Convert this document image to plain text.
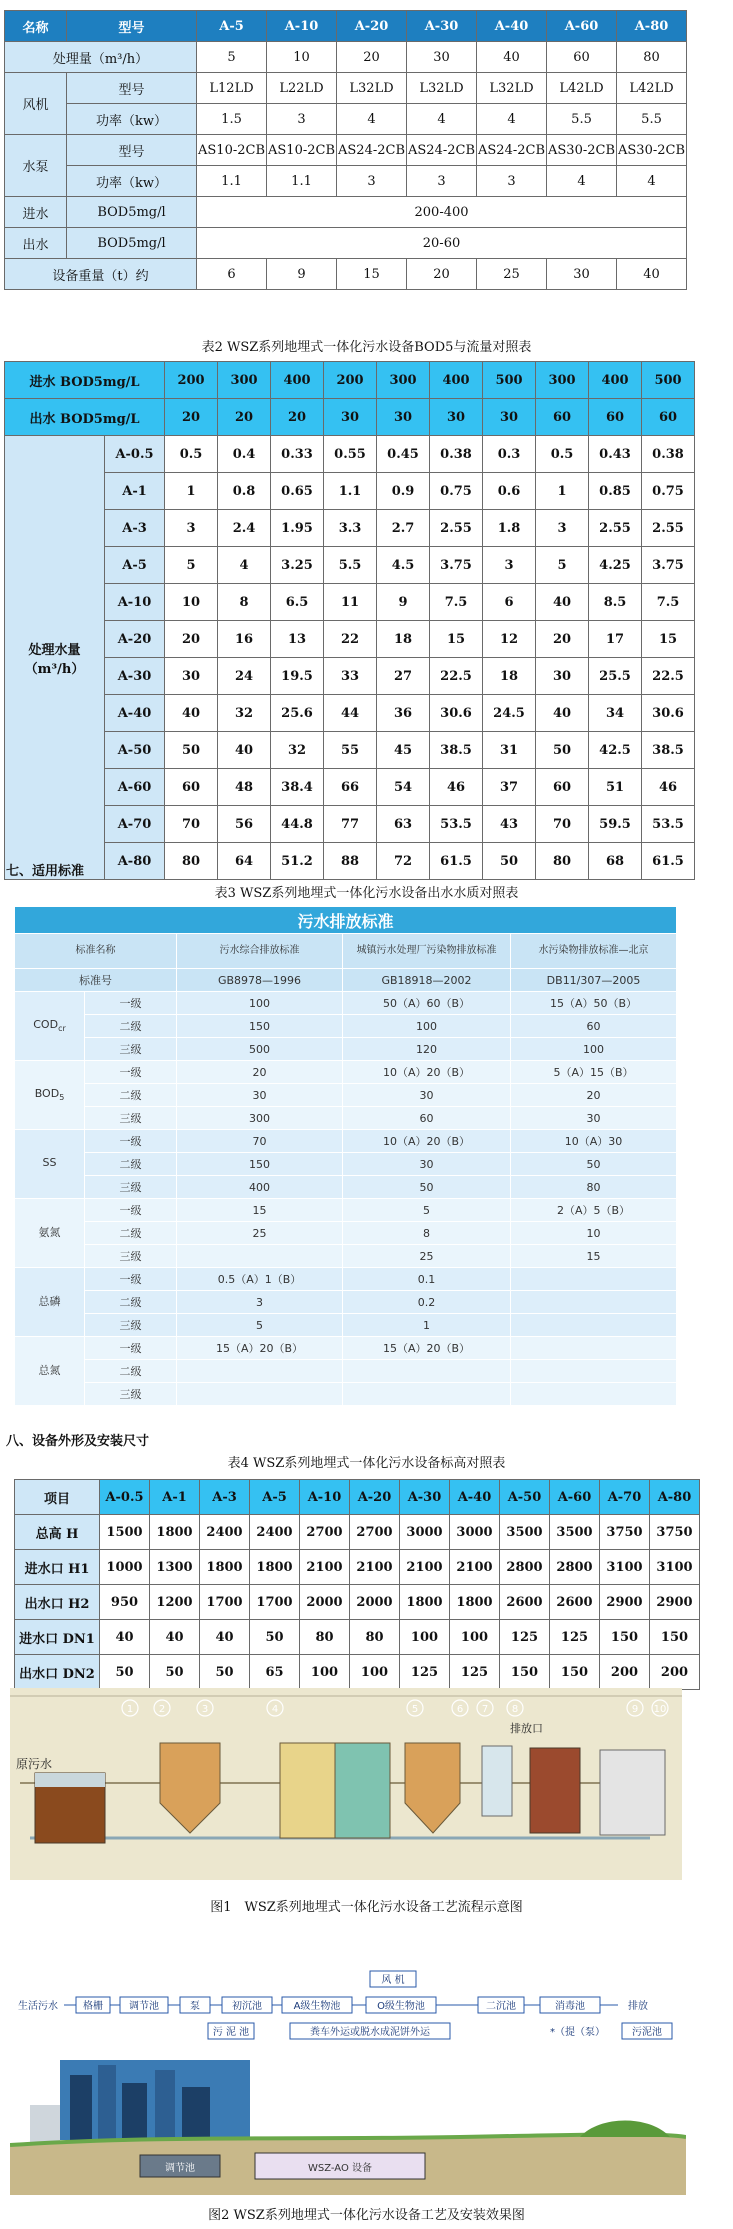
名称	型号	A-5	A-10	A-20	A-30	A-40	A-60	A-80
处理量（m³/h）		5	10	20	30	40	60	80
风机	型号	L12LD	L22LD	L32LD	L32LD	L32LD	L42LD	L42LD
	功率（kw）	1.5	3	4	4	4	5.5	5.5
水泵	型号	AS10-2CB	AS10-2CB	AS24-2CB	AS24-2CB	AS24-2CB	AS30-2CB	AS30-2CB
	功率（kw）	1.1	1.1	3	3	3	4	4
进水	BOD5mg/l	200-400						
出水	BOD5mg/l	20-60						
设备重量（t）约		6	9	15	20	25	30	40
表2 WSZ系列地埋式一体化污水设备BOD5与流量对照表
进水 BOD5mg/L		200	300	400	200	300	400	500	300	400	500
出水 BOD5mg/L		20	20	20	30	30	30	30	60	60	60

处理水量
（m³/h）	A-0.5	0.5	0.4	0.33	0.55	0.45	0.38	0.3	0.5	0.43	0.38
	A-1	1	0.8	0.65	1.1	0.9	0.75	0.6	1	0.85	0.75
	A-3	3	2.4	1.95	3.3	2.7	2.55	1.8	3	2.55	2.55
	A-5	5	4	3.25	5.5	4.5	3.75	3	5	4.25	3.75
	A-10	10	8	6.5	11	9	7.5	6	40	8.5	7.5
	A-20	20	16	13	22	18	15	12	20	17	15
	A-30	30	24	19.5	33	27	22.5	18	30	25.5	22.5
	A-40	40	32	25.6	44	36	30.6	24.5	40	34	30.6
	A-50	50	40	32	55	45	38.5	31	50	42.5	38.5
	A-60	60	48	38.4	66	54	46	37	60	51	46
	A-70	70	56	44.8	77	63	53.5	43	70	59.5	53.5
	A-80	80	64	51.2	88	72	61.5	50	80	68	61.5
七、适用标准
表3 WSZ系列地埋式一体化污水设备出水水质对照表
污水排放标准				
标准名称		污水综合排放标准	城镇污水处理厂污染物排放标准	水污染物排放标准—北京
标准号		GB8978—1996	GB18918—2002	DB11/307—2005
$COD_{cr}$	一级	100	50（A）60（B）	15（A）50（B）
	二级	150	100	60
	三级	500	120	100
$BOD_5$	一级	20	10（A）20（B）	5（A）15（B）
	二级	30	30	20
	三级	300	60	30
SS	一级	70	10（A）20（B）	10（A）30
	二级	150	30	50
	三级	400	50	80
氨氮	一级	15	5	2（A）5（B）
	二级	25	8	10
	三级		25	15
总磷	一级	0.5（A）1（B）	0.1	
	二级	3	0.2	
	三级	5	1	
总氮	一级	15（A）20（B）	15（A）20（B）	
	二级			
	三级			
八、设备外形及安装尺寸
表4 WSZ系列地埋式一体化污水设备标高对照表
项目	A-0.5	A-1	A-3	A-5	A-10	A-20	A-30	A-40	A-50	A-60	A-70	A-80
总高 H	1500	1800	2400	2400	2700	2700	3000	3000	3500	3500	3750	3750
进水口 H1	1000	1300	1800	1800	2100	2100	2100	2100	2800	2800	3100	3100
出水口 H2	950	1200	1700	1700	2000	2000	1800	1800	2600	2600	2900	2900
进水口 DN1	40	40	40	50	80	80	100	100	125	125	150	150
出水口 DN2	50	50	50	65	100	100	125	125	150	150	200	200
1	2	3	4	5	6 7 8	9 10
原污水
排放口
图1　WSZ系列地埋式一体化污水设备工艺流程示意图
生活污水	格栅	调节池	泵	初沉池	A级生物池	O级生物池	二沉池	消毒池	排放
风 机
污 泥 池	粪车外运或脱水成泥饼外运	*（提（泵）	污泥池
调节池	WSZ-AO 设备
图2 WSZ系列地埋式一体化污水设备工艺及安装效果图
